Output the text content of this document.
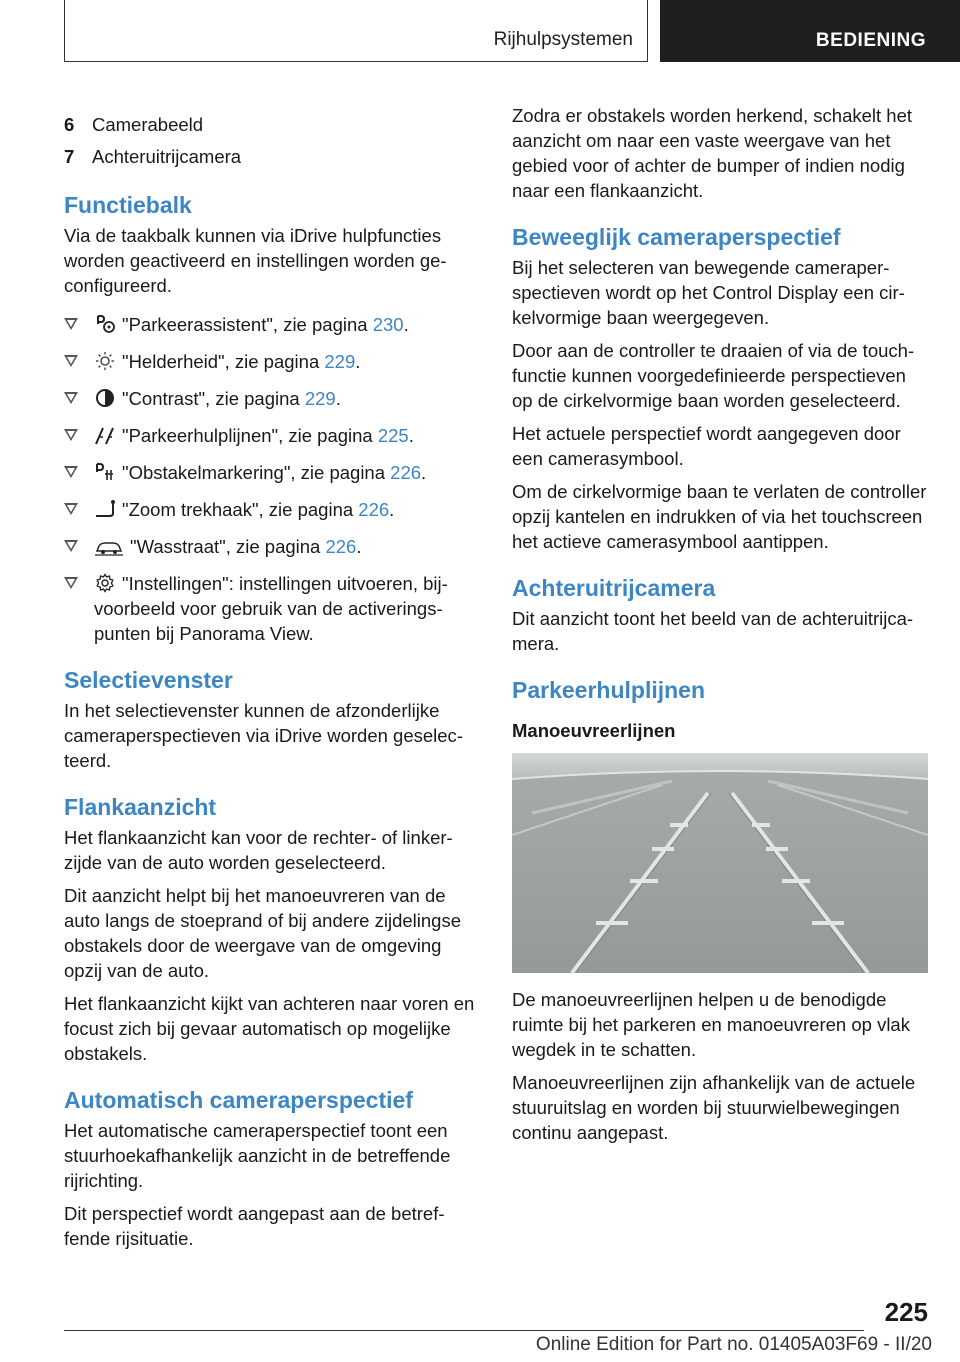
Rijhulpsystemen	BEDIENING
6 Camerabeeld
7 Achteruitrijcamera
Functiebalk

Via de taakbalk kunnen via iDrive hulpfuncties worden geactiveerd en instellingen worden geconfigureerd.

"Parkeerassistent", zie pagina 230.
"Helderheid", zie pagina 229.
"Contrast", zie pagina 229.
"Parkeerhulplijnen", zie pagina 225.
"Obstakelmarkering", zie pagina 226.
"Zoom trekhaak", zie pagina 226.
"Wasstraat", zie pagina 226.
"Instellingen": instellingen uitvoeren, bijvoorbeeld voor gebruik van de activeringspunten bij Panorama View.
Selectievenster

In het selectievenster kunnen de afzonderlijke cameraperspectieven via iDrive worden geselecteerd.

Flankaanzicht

Het flankaanzicht kan voor de rechter- of linkerzijde van de auto worden geselecteerd.

Dit aanzicht helpt bij het manoeuvreren van de auto langs de stoeprand of bij andere zijdelingse obstakels door de weergave van de omgeving opzij van de auto.

Het flankaanzicht kijkt van achteren naar voren en focust zich bij gevaar automatisch op mogelijke obstakels.

Automatisch cameraperspectief

Het automatische cameraperspectief toont een stuurhoekafhankelijk aanzicht in de betreffende rijrichting.

Dit perspectief wordt aangepast aan de betreffende rijsituatie.

Zodra er obstakels worden herkend, schakelt het aanzicht om naar een vaste weergave van het gebied voor of achter de bumper of indien nodig naar een flankaanzicht.

Beweeglijk cameraperspectief

Bij het selecteren van bewegende cameraperspectieven wordt op het Control Display een cirkelvormige baan weergegeven.

Door aan de controller te draaien of via de touchfunctie kunnen voorgedefinieerde perspectieven op de cirkelvormige baan worden geselecteerd.

Het actuele perspectief wordt aangegeven door een camerasymbool.

Om de cirkelvormige baan te verlaten de controller opzij kantelen en indrukken of via het touchscreen het actieve camerasymbool aantippen.

Achteruitrijcamera

Dit aanzicht toont het beeld van de achteruitrijcamera.

Parkeerhulplijnen
Manoeuvreerlijnen

De manoeuvreerlijnen helpen u de benodigde ruimte bij het parkeren en manoeuvreren op vlak wegdek in te schatten.

Manoeuvreerlijnen zijn afhankelijk van de actuele stuuruitslag en worden bij stuurwielbewegingen continu aangepast.

225
Online Edition for Part no. 01405A03F69 - II/20
